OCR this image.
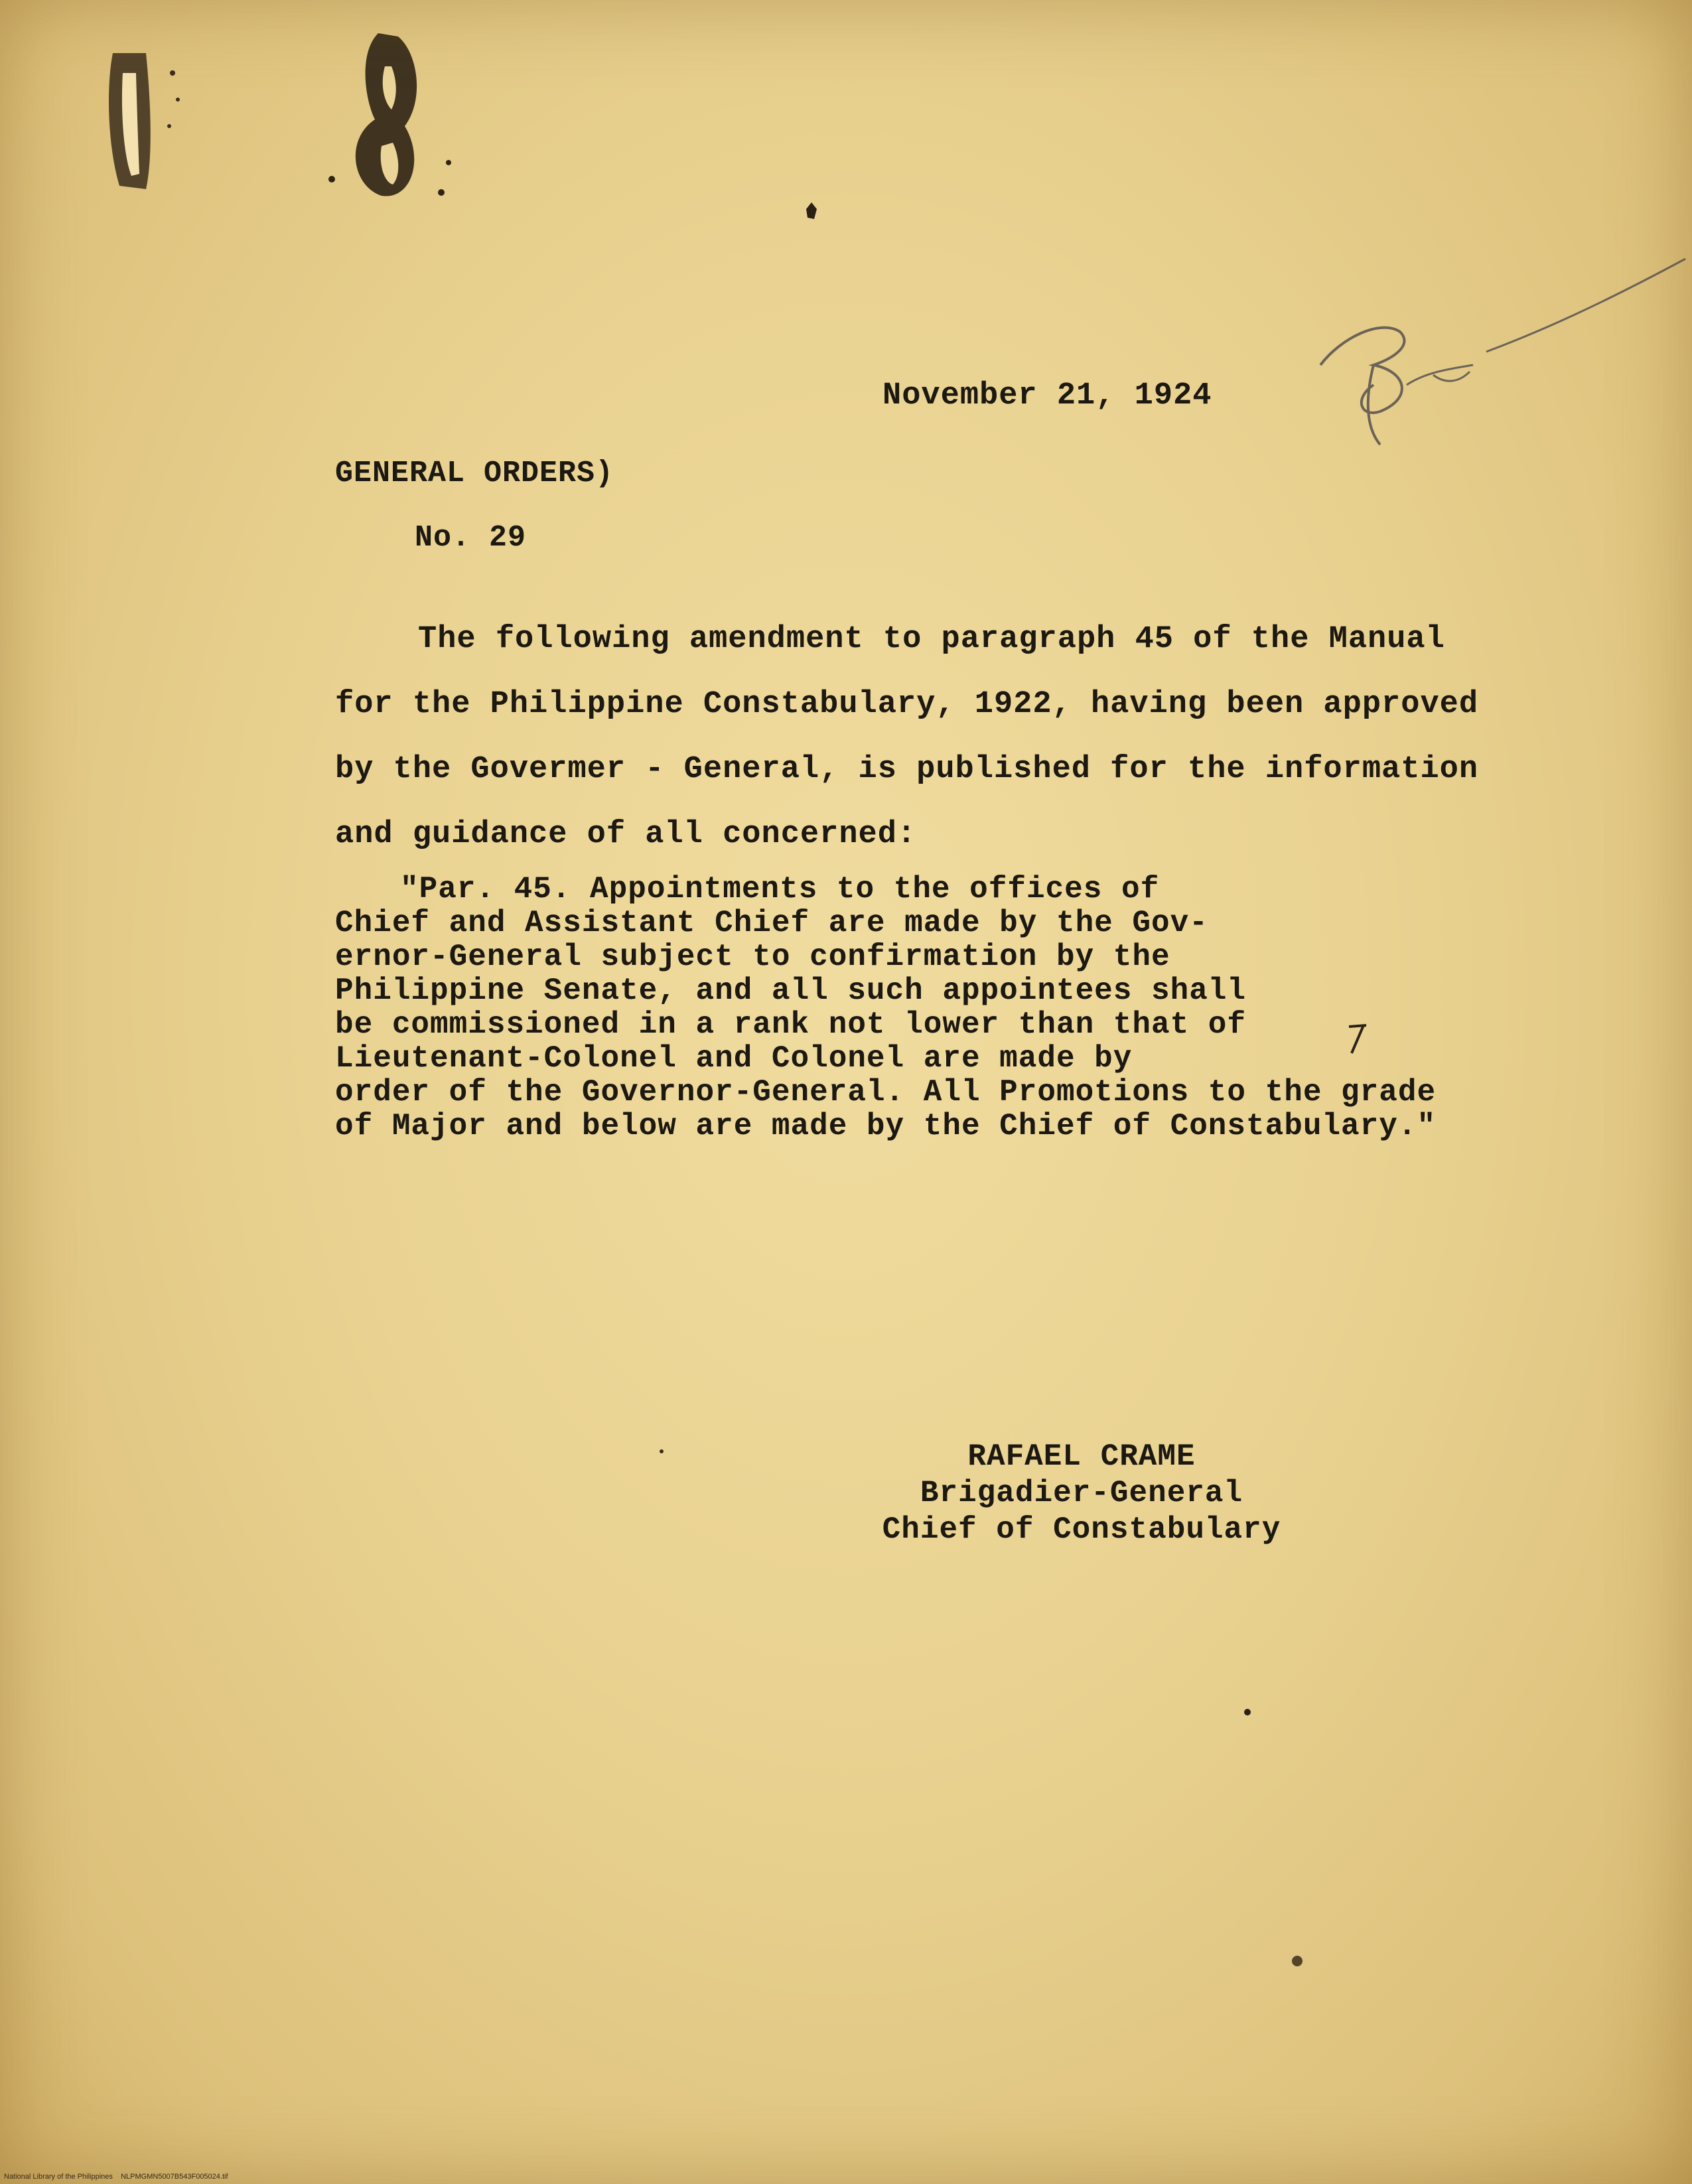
November 21, 1924
GENERAL ORDERS)
No. 29
The following amendment to paragraph 45 of the Manual
for the Philippine Constabulary, 1922, having been approved
by the Govermer - General, is published for the information
and guidance of all concerned:
"Par. 45. Appointments to the offices of
Chief and Assistant Chief are made by the Gov-
ernor-General subject to confirmation by the
Philippine Senate, and all such appointees shall
be commissioned in a rank not lower than that of
Lieutenant-Colonel and Colonel are made by
order of the Governor-General. All Promotions to the grade
of Major and below are made by the Chief of Constabulary."
RAFAEL CRAME
Brigadier-General
Chief of Constabulary
National Library of the Philippines    NLPMGMN5007B543F005024.tif
